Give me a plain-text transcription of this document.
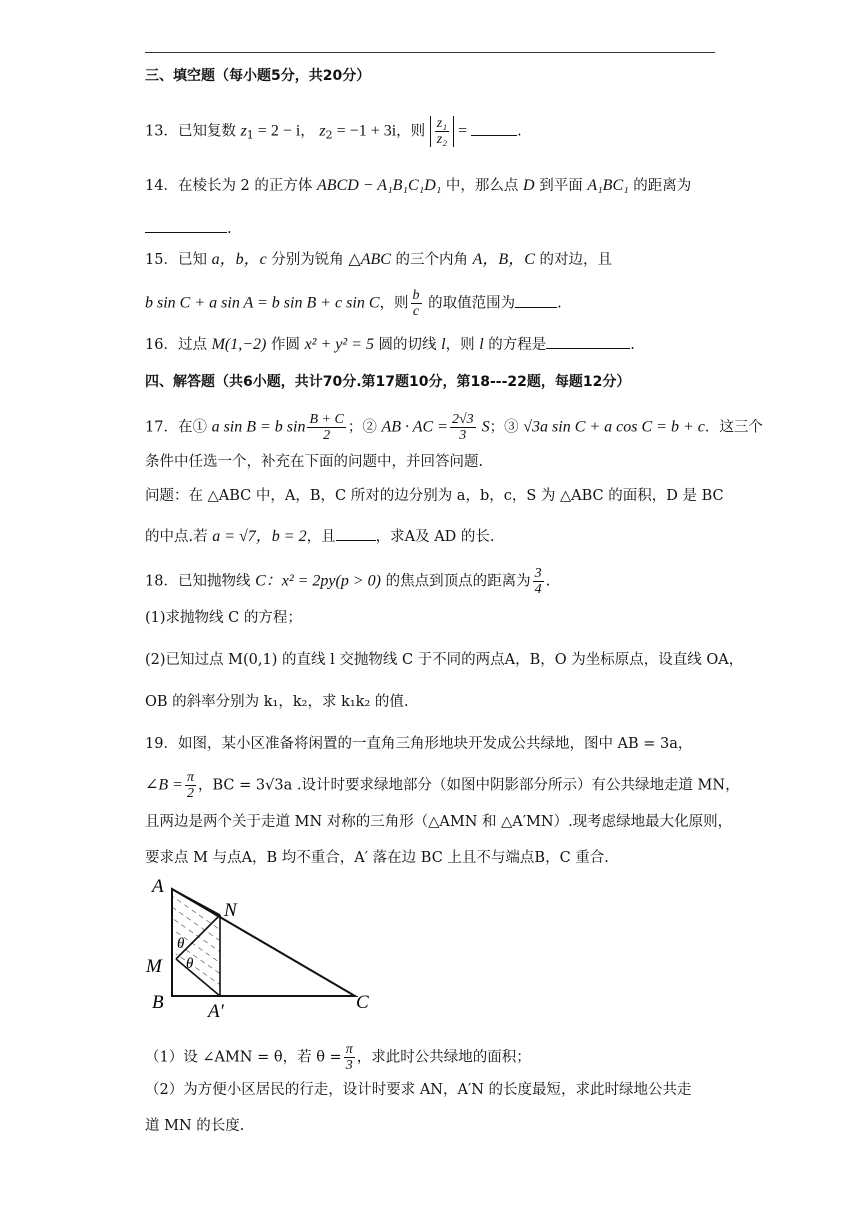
三、填空题（每小题5分，共20分）
13．已知复数 $z_1 = 2 - i$， $z_2 = -1 + 3i$，则 $\frac{\text{z₁}}{\text{z₂}}$ =	.
14．在棱长为 2 的正方体 ABCD − A₁B₁C₁D₁ 中，那么点 D 到平面 A₁BC₁ 的距离为
.
15．已知 a，b，c 分别为锐角 △ABC 的三个内角 A，B，C 的对边，且
b sin C + a sin A = b sin B + c sin C，则 $\frac{b}{c}$ 的取值范围为	.
16．过点 M(1,−2) 作圆 x² + y² = 5 圆的切线 l，则 l 的方程是	.
四、解答题（共6小题，共计70分.第17题10分，第18---22题，每题12分）
17．在① a sin B = b $\sin \frac{B + C}{2}$ ；② AB · AC = $\frac{2√3}{3}$ S；③ √3a sin C + a cos C = b + c．这三个
条件中任选一个，补充在下面的问题中，并回答问题.
问题：在 △ABC 中，A，B，C 所对的边分别为 a，b，c，S 为 △ABC 的面积，D 是 BC
的中点.若 a = √7，b = 2，且	，求A及 AD 的长.
18．已知抛物线 C：x² = 2py(p > 0) 的焦点到顶点的距离为 $\frac{3}{4}$ .
(1)求抛物线 C 的方程；
(2)已知过点 M(0,1) 的直线 l 交抛物线 C 于不同的两点A，B，O 为坐标原点，设直线 OA，
OB 的斜率分别为 k₁，k₂，求 k₁k₂ 的值.
19．如图，某小区准备将闲置的一直角三角形地块开发成公共绿地，图中 AB = 3a，
∠B = $\frac{\pi}{2}$ ，BC = 3√3a .设计时要求绿地部分（如图中阴影部分所示）有公共绿地走道 MN，
且两边是两个关于走道 MN 对称的三角形（△AMN 和 △A′MN）.现考虑绿地最大化原则，
要求点 M 与点A，B 均不重合，A′ 落在边 BC 上且不与端点B，C 重合.
A
N
M
B A′	C
θ
θ
（1）设 ∠AMN = θ，若 $\theta = \frac{\pi}{3}$ ，求此时公共绿地的面积；
（2）为方便小区居民的行走，设计时要求 AN，A′N 的长度最短，求此时绿地公共走
道 MN 的长度.
